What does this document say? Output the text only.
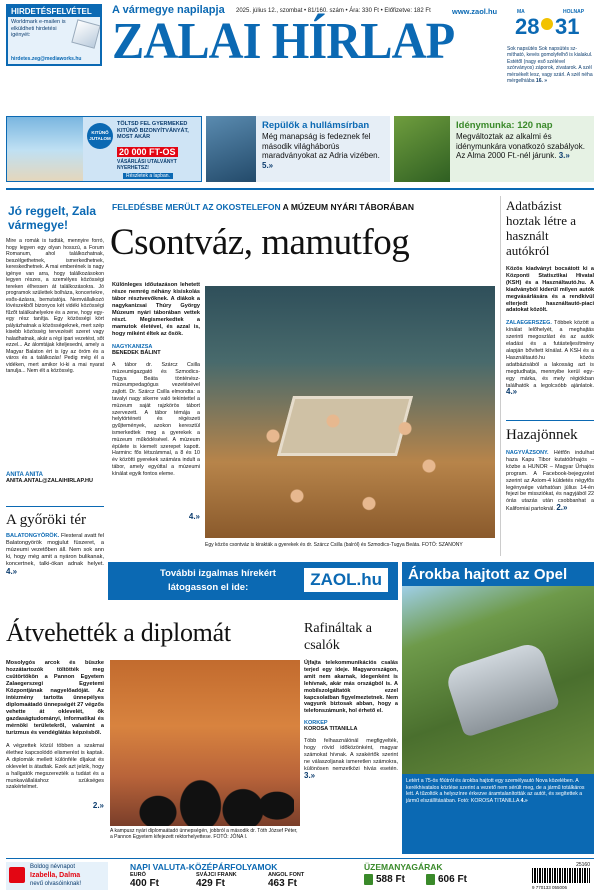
HIRDETÉSFELVÉTEL
Worldmark e-mailen is elküldheti hirdetési igényét:
hirdetes.zeg@mediaworks.hu
A vármegye napilapja 2025. július 12., szombat • 81/160. szám • Ára: 330 Ft • Előfizetve: 182 Ft	www.zaol.hu
ZALAI HÍRLAP
MA	HOLNAP
28 31
Sok napsütés Sok napsütés sz-mítható, kevés gomolyfelhő is kialakul. Estétől (nagy eső szélével szórványos) záporok, zivatarok. A szél mérsékelt lesz, vagy szárl. A szél néha mérgelhiába 16. »
KITÜNŐ JUTALOM
TÖLTSD FEL GYERMEKED KITÜNŐ BIZONYÍTVÁNYÁT, MOST AKÁR
20 000 FT-OS
VÁSÁRLÁSI UTALVÁNYT NYERHETSZ!
Részletek a lapban.
Repülők a hullámsírban
Még manapság is fedeznek fel második világháborús maradványokat az Adria vizében. 5.»
Idénymunka: 120 nap
Megváltoztak az alkalmi és idénymunkára vonatkozó szabályok. Az Alma 2000 Ft.-nél járunk. 3.»
Jó reggelt, Zala vármegye!
Mire a romák is tudták, mennyire forró, hogy legyen egy olyan hosszú, a Forum Romanum, ahol találkozhatnak, beszélgethetnek, ismerkedhetnek, kereskedhetnek. A mai emberének is nagy igénye van arra, hogy találkozásokon legyen részes, a személyes közösségi tereken élhessen át találkozásokra. Jó programok születtek bolháza, koncertekre, esős-ázásra, bemutatója. Nemvállalkozó lövészekből bizonyos két vidéki közösségi fűzőt találkahelyekre és a zene, hogy egy-egy rész tanítja. Egy közösségi kört pályázhatnak a közösségeknek, mert szép kisebb közösség tervezését szeret vagy haladhatnak, akár a régi ipari vezetést, sőt ezzel... Az álomtájak kiteljesedni, amely a Magyar Balaton ért is így az öröm és a város és a találkozás! Pedig még él a vidéken, mert amikor ki-ki a mai nyarat tanulja... Nem élt a közösség.
ANITA ANITA
ANITA.ANTAL@ZALAIHIRLAP.HU
A győröki tér
BALATONGYÖRÖK. Flesteral avatt fel Balatongyörök mogjulut füszeret, a múzeumi vezetőben áll. Nem sok ann ki, hogy még amit a nyáron bulikanak, koncertnek, talki-ókan adnak helyet. 4.»
FELEDÉSBE MERÜLT AZ OKOSTELEFON A MÚZEUM NYÁRI TÁBORÁBAN
Csontváz, mamutfog
Különleges időutazáson lehetett része nemrég néhány kisiskolás tábor résztvevőknek. A diákok a nagykanizsai Thúry György Múzeum nyári táborában vettek részt. Megismerkedtek a mamutok életével, és azzal is, hogy miként éltek az ősök.
NAGYKANIZSA
BENEDEK BÁLINT
A tábor dr. Szárcz Csilla múzeumigazgató és Szmodics-Tugya Beáta tönténész-múzeumpedagógus vezetésével zajlott. Dr. Szárcz Csilla elmondta: a tavalyi nagy sikerre való tekintettel a múzeum saját rajzkörös tábort szervezett. A tábor témája a helytörténeti és régészeti gyűjtemények, azokon keresztül ismerkedtek meg a gyerekek a múzeum működésével. A múzeum épülete is kiemelt szerepet kapott. Harminc fős létszámmal, a 8 és 10 év közötti gyerekek számára indult a tábor, amely egyúttal a múzeumi kínálat egyik fontos eleme.
4.»
Egy közös csontváz is kirakták a gyerekek és dr. Szárcz Csilla (balról) és Szmodics-Tugya Beáta. FOTÓ: SZANONY
Adatbázist hoztak létre a használt autókról
Közös kiadványt bocsátott ki a Központi Statisztikai Hivatal (KSH) és a Használtautó.hu. A kiadványból kiderül milyen autók megvásárlására és a rendkívül elterjedt használtautó-piaci adatokat közölt.
ZALAEGERSZEG. Többek között a kínálat lelőhelyét, a meghajtás szerinti megoszlást és az autók eladási és a futásteljesítmény alapján bővített kínálat. A KSH és a Használtautó.hu közös adatbázisából a lakosság azt is megtudhatja, mennyibe kerül egy-egy márka, és mely régiókban találhatók a legolcsóbb ajánlatok. 4.»
Hazajönnek
NAGYVÁZSONY. Hétfőn indulhat haza Kapu Tibor kutatóűrhajós – közbe a HUNOR – Magyar Űrhajós program. A Facebook-bejegyzést szerint az Axiom-4 küldetés négyfős legénysége várhatóan július 14-én fejezi be missziókat, és nagyjából 22 órás utazás után csobbanhat a Kaliforniai partoknál. 2.»
További izgalmas hírekért
látogasson el ide:	ZAOL.hu	Árokba hajtott az Opel
Letért a 75-ös főútról és árokba hajtott egy személyautó Nova közelében. A kerékhivatalos közlése szerint a vezető nem sérült meg, de a jármű totálkáros lett. A tűzoltók a helyszínre érkezve áramtalanították az autót, és segítettek a jármű elszállításában. Fotó: KOROSA TITANILLA 4.»
Átvehették a diplomát
Mosolygós arcok és büszke hozzátartozók töltötték meg csütörtökön a Pannon Egyetem Zalaegerszegi Egyetemi Központjának nagyelőadóját. Az intézmény tartotta ünnepélyes diplomaátadó ünnepségét 27 végzős vehette át oklevelét, ők gazdaságtudományi, informatikai és mérnöki területekről, valamint a turizmus és vendéglátás képzésből.
A végzettek közül többen a szakmai élethez kapcsolódó elismerést is kaptak. A diplomák mellett különféle díjakat és oklevelet is átadtak. Ezek azt jelzik, hogy a hallgatók megszerezték a tudást és a munkavállaláshoz szükséges szakértelmet.
2.»
A kampusz nyári diplomaátadó ünnepségén, jobbról a második dr. Tóth József Péter, a Pannon Egyetem kifejezett rektorhelyettese. FOTÓ: JÓNA I.
Rafináltak a csalók
Újfajta telekommunikációs csalás terjed egy ideje. Magyarországon, amit nem akarnak, idegenként is lehívnak, akár más országból is. A mobilszolgáltatók ezzel kapcsolatban figyelmeztetnek. Nem vagyunk biztosak abban, hogy a telefonszámunk, hol érhető el.
KORKEP
KOROSA TITANILLA
Több felhasználónál megfigyelték, hogy rövid időközönként, magyar számokat hívnak. A szakértők szerint ne válaszoljanak ismeretlen számokra, különösen nemzetközi hívás esetén. 3.»
Boldog névnapot
Izabella, Dalma
nevű olvasóinknak!
NAPI VALUTA-KÖZÉPÁRFOLYAMOK
EURÓ
400 Ft
SVÁJCI FRANK
429 Ft
ANGOL FONT
463 Ft
ÜZEMANYAGÁRAK
588 Ft	606 Ft
25160
9 770133 055006
